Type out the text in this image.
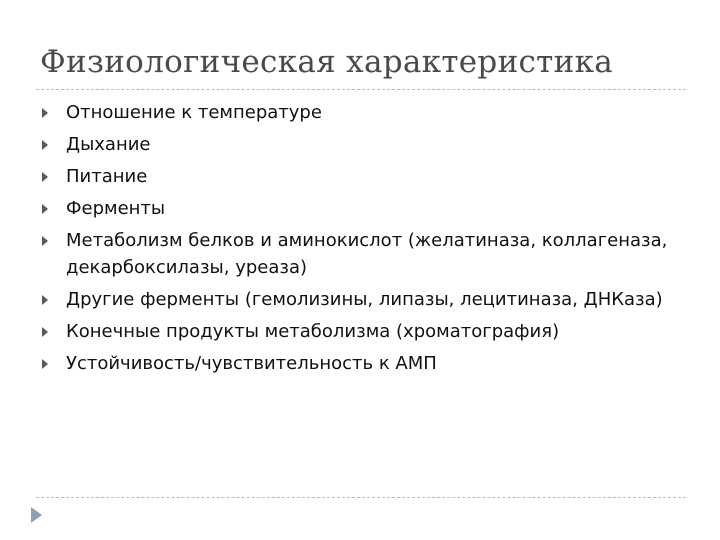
Физиологическая характеристика
Отношение к температуре
Дыхание
Питание
Ферменты
Метаболизм белков и аминокислот (желатиназа, коллагеназа, декарбоксилазы, уреаза)
Другие ферменты (гемолизины, липазы, лецитиназа, ДНКаза)
Конечные продукты метаболизма (хроматография)
Устойчивость/чувствительность к АМП
